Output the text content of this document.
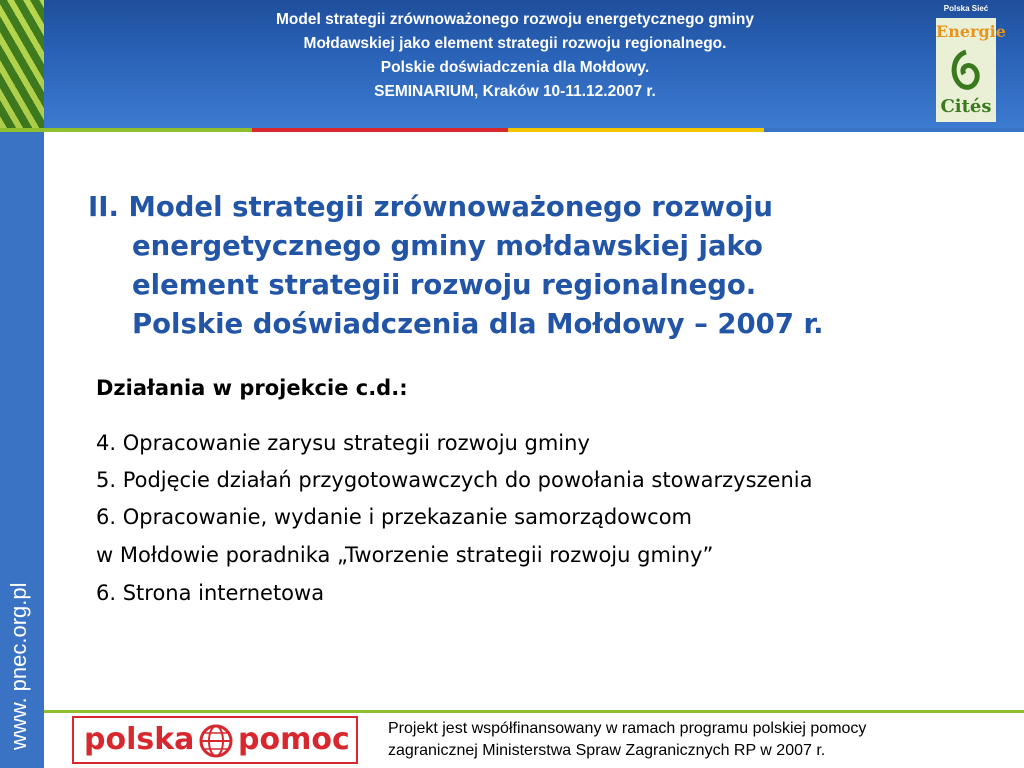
Model strategii zrównoważonego rozwoju energetycznego gminy
Mołdawskiej jako element strategii rozwoju regionalnego.
Polskie doświadczenia dla Mołdowy.
SEMINARIUM, Kraków 10-11.12.2007 r.
Polska Sieć
Energie
Cités
www. pnec.org.pl
II. Model strategii zrównoważonego rozwoju
energetycznego gminy mołdawskiej jako
element strategii rozwoju regionalnego.
Polskie doświadczenia dla Mołdowy – 2007 r.
Działania w projekcie c.d.:
4. Opracowanie zarysu strategii rozwoju gminy
5. Podjęcie działań przygotowawczych do powołania stowarzyszenia
6. Opracowanie, wydanie i przekazanie samorządowcom
w Mołdowie poradnika „Tworzenie strategii rozwoju gminy”
6. Strona internetowa
polska pomoc Projekt jest współfinansowany w ramach programu polskiej pomocy
zagranicznej Ministerstwa Spraw Zagranicznych RP w 2007 r.
